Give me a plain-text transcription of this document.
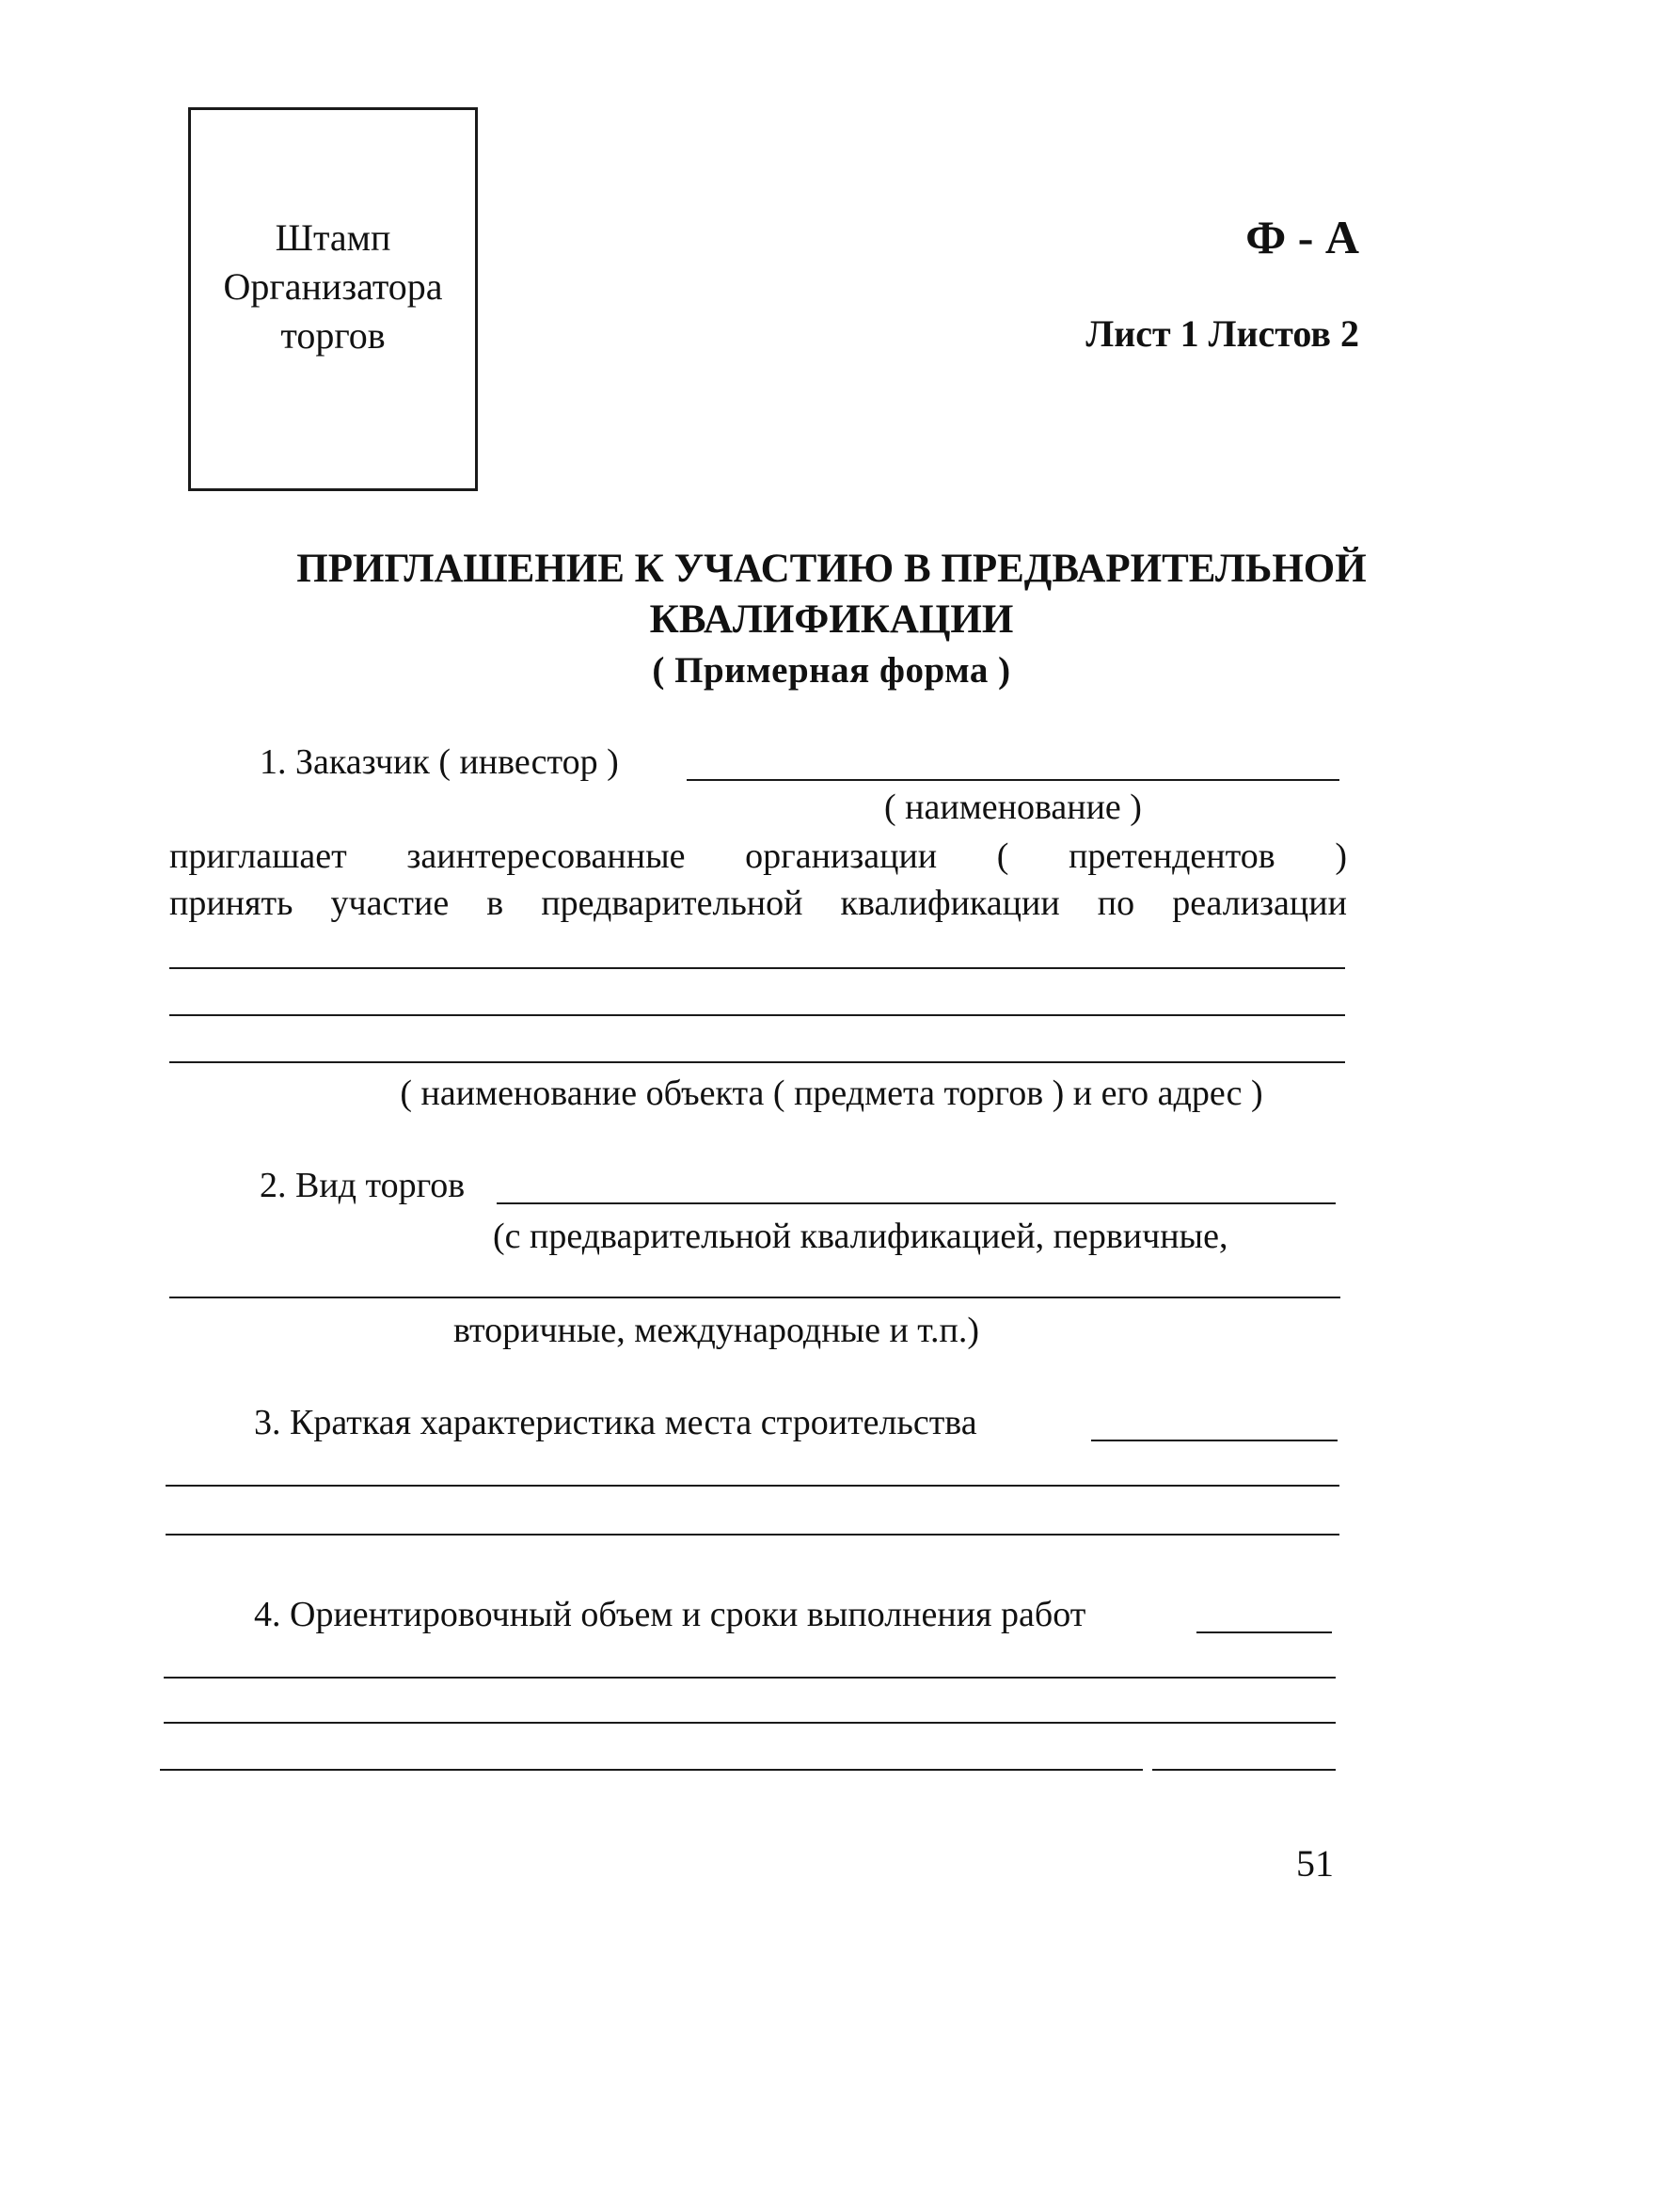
Штамп
Организатора
торгов
Ф - А
Лист 1 Листов 2
ПРИГЛАШЕНИЕ К УЧАСТИЮ В ПРЕДВАРИТЕЛЬНОЙ
КВАЛИФИКАЦИИ
( Примерная форма )
1. Заказчик ( инвестор )
( наименование )
приглашает заинтересованные организации ( претендентов )
принять участие в предварительной квалификации по реализации
( наименование объекта ( предмета торгов ) и его адрес )
2. Вид торгов
(с предварительной квалификацией, первичные,
вторичные, международные и т.п.)
3. Краткая характеристика места строительства
4. Ориентировочный объем и сроки выполнения работ
51
